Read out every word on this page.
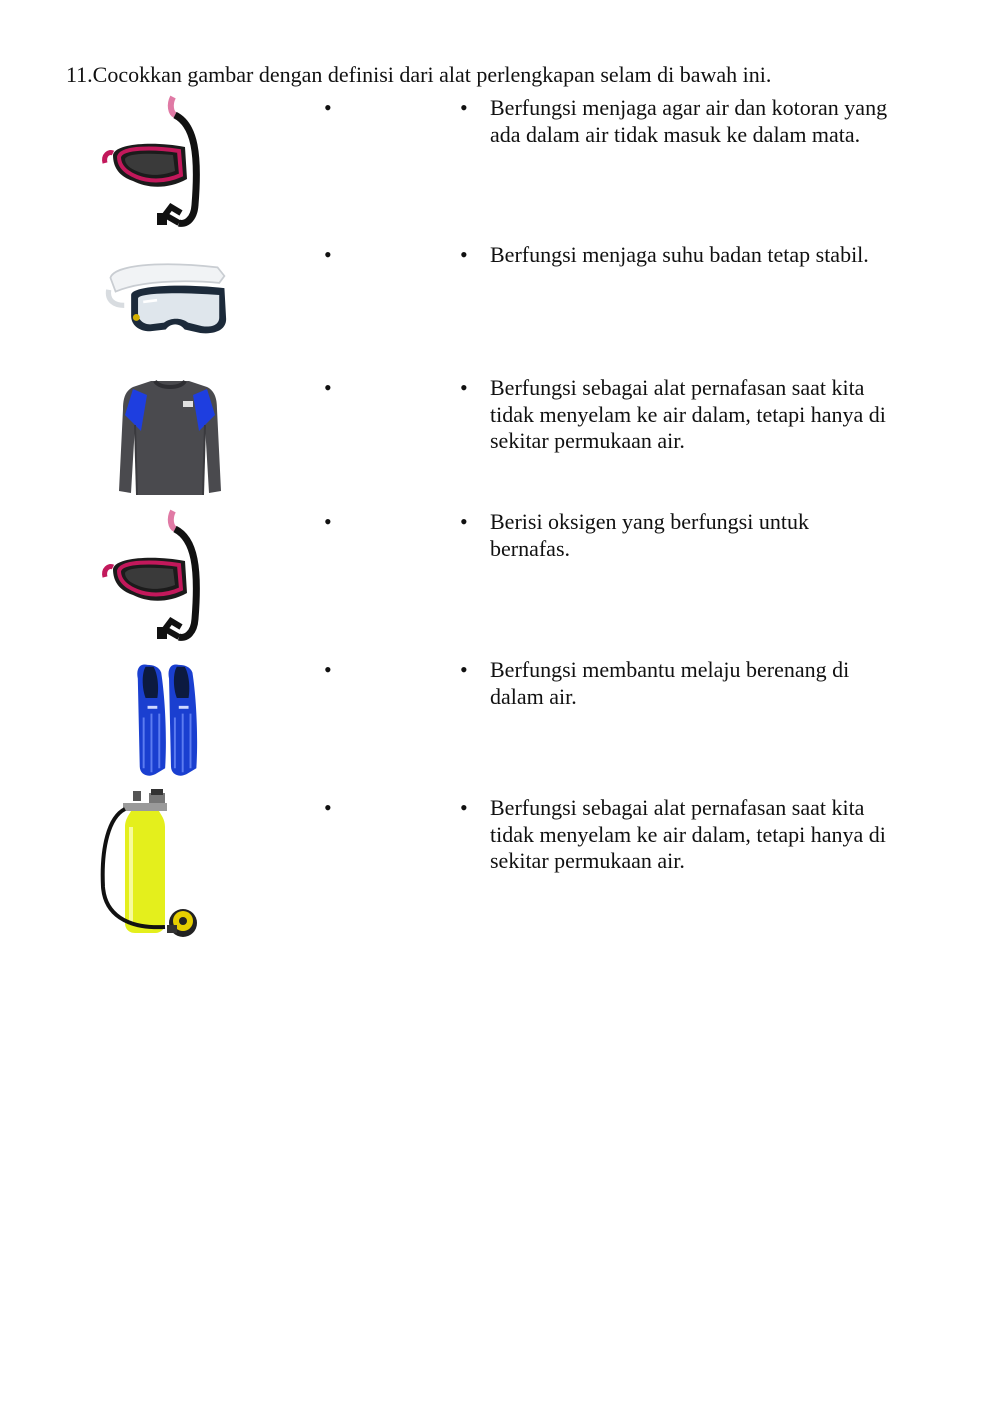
11.Cocokkan gambar dengan definisi dari alat perlengkapan selam di bawah ini.
•	• Berfungsi menjaga agar air dan kotoran yang ada dalam air tidak masuk ke dalam mata.
•	• Berfungsi menjaga suhu badan tetap stabil.
•	• Berfungsi sebagai alat pernafasan saat kita tidak menyelam ke air dalam, tetapi hanya di sekitar permukaan air.
•	• Berisi oksigen yang berfungsi untuk bernafas.
•	• Berfungsi membantu melaju berenang di dalam air.
•	• Berfungsi sebagai alat pernafasan saat kita tidak menyelam ke air dalam, tetapi hanya di sekitar permukaan air.
